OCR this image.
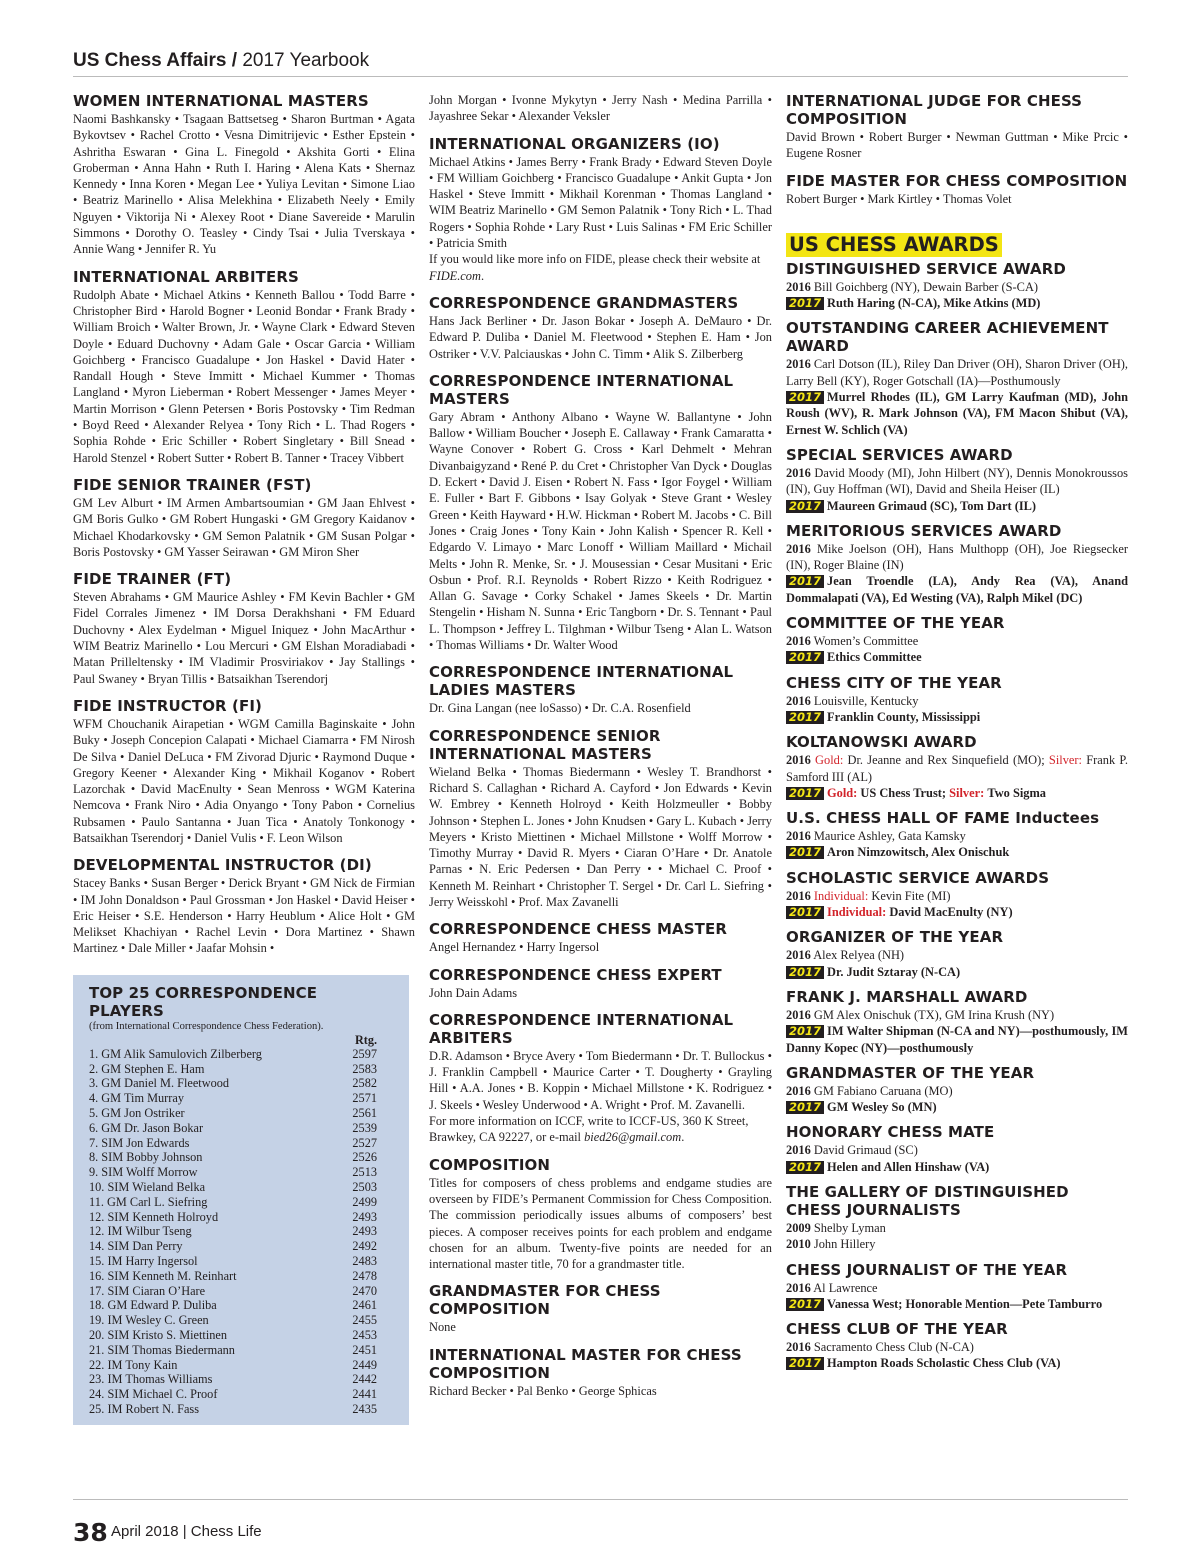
US Chess Affairs / 2017 Yearbook
WOMEN INTERNATIONAL MASTERS

Naomi Bashkansky • Tsagaan Battsetseg • Sharon Burtman • Agata Bykovtsev • Rachel Crotto • Vesna Dimitrijevic • Esther Epstein • Ashritha Eswaran • Gina L. Finegold • Akshita Gorti • Elina Groberman • Anna Hahn • Ruth I. Haring • Alena Kats • Shernaz Kennedy • Inna Koren • Megan Lee • Yuliya Levitan • Simone Liao • Beatriz Marinello • Alisa Melekhina • Elizabeth Neely • Emily Nguyen • Viktorija Ni • Alexey Root • Diane Savereide • Marulin Simmons • Dorothy O. Teasley • Cindy Tsai • Julia Tverskaya • Annie Wang • Jennifer R. Yu

INTERNATIONAL ARBITERS

Rudolph Abate • Michael Atkins • Kenneth Ballou • Todd Barre • Christopher Bird • Harold Bogner • Leonid Bondar • Frank Brady • William Broich • Walter Brown, Jr. • Wayne Clark • Edward Steven Doyle • Eduard Duchovny • Adam Gale • Oscar Garcia • William Goichberg • Francisco Guadalupe • Jon Haskel • David Hater • Randall Hough • Steve Immitt • Michael Kummer • Thomas Langland • Myron Lieberman • Robert Messenger • James Meyer • Martin Morrison • Glenn Petersen • Boris Postovsky • Tim Redman • Boyd Reed • Alexander Relyea • Tony Rich • L. Thad Rogers • Sophia Rohde • Eric Schiller • Robert Singletary • Bill Snead • Harold Stenzel • Robert Sutter • Robert B. Tanner • Tracey Vibbert

FIDE SENIOR TRAINER (FST)

GM Lev Alburt • IM Armen Ambartsoumian • GM Jaan Ehlvest • GM Boris Gulko • GM Robert Hungaski • GM Gregory Kaidanov • Michael Khodarkovsky • GM Semon Palatnik • GM Susan Polgar • Boris Postovsky • GM Yasser Seirawan • GM Miron Sher

FIDE TRAINER (FT)

Steven Abrahams • GM Maurice Ashley • FM Kevin Bachler • GM Fidel Corrales Jimenez • IM Dorsa Derakhshani • FM Eduard Duchovny • Alex Eydelman • Miguel Iniquez • John MacArthur • WIM Beatriz Marinello • Lou Mercuri • GM Elshan Moradiabadi • Matan Prilleltensky • IM Vladimir Prosviriakov • Jay Stallings • Paul Swaney • Bryan Tillis • Batsaikhan Tserendorj

FIDE INSTRUCTOR (FI)

WFM Chouchanik Airapetian • WGM Camilla Baginskaite • John Buky • Joseph Concepion Calapati • Michael Ciamarra • FM Nirosh De Silva • Daniel DeLuca • FM Zivorad Djuric • Raymond Duque • Gregory Keener • Alexander King • Mikhail Koganov • Robert Lazorchak • David MacEnulty • Sean Menross • WGM Katerina Nemcova • Frank Niro • Adia Onyango • Tony Pabon • Cornelius Rubsamen • Paulo Santanna • Juan Tica • Anatoly Tonkonogy • Batsaikhan Tserendorj • Daniel Vulis • F. Leon Wilson

DEVELOPMENTAL INSTRUCTOR (DI)

Stacey Banks • Susan Berger • Derick Bryant • GM Nick de Firmian • IM John Donaldson • Paul Grossman • Jon Haskel • David Heiser • Eric Heiser • S.E. Henderson • Harry Heublum • Alice Holt • GM Melikset Khachiyan • Rachel Levin • Dora Martinez • Shawn Martinez • Dale Miller • Jaafar Mohsin •

TOP 25 CORRESPONDENCE PLAYERS
(from International Correspondence Chess Federation).
Rtg.
1. GM Alik Samulovich Zilberberg	2597
2. GM Stephen E. Ham	2583
3. GM Daniel M. Fleetwood	2582
4. GM Tim Murray	2571
5. GM Jon Ostriker	2561
6. GM Dr. Jason Bokar	2539
7. SIM Jon Edwards	2527
8. SIM Bobby Johnson	2526
9. SIM Wolff Morrow	2513
10. SIM Wieland Belka	2503
11. GM Carl L. Siefring	2499
12. SIM Kenneth Holroyd	2493
12. IM Wilbur Tseng	2493
14. SIM Dan Perry	2492
15. IM Harry Ingersol	2483
16. SIM Kenneth M. Reinhart	2478
17. SIM Ciaran O’Hare	2470
18. GM Edward P. Duliba	2461
19. IM Wesley C. Green	2455
20. SIM Kristo S. Miettinen	2453
21. SIM Thomas Biedermann	2451
22. IM Tony Kain	2449
23. IM Thomas Williams	2442
24. SIM Michael C. Proof	2441
25. IM Robert N. Fass	2435

John Morgan • Ivonne Mykytyn • Jerry Nash • Medina Parrilla • Jayashree Sekar • Alexander Veksler

INTERNATIONAL ORGANIZERS (IO)

Michael Atkins • James Berry • Frank Brady • Edward Steven Doyle • FM William Goichberg • Francisco Guadalupe • Ankit Gupta • Jon Haskel • Steve Immitt • Mikhail Korenman • Thomas Langland • WIM Beatriz Marinello • GM Semon Palatnik • Tony Rich • L. Thad Rogers • Sophia Rohde • Lary Rust • Luis Salinas • FM Eric Schiller • Patricia Smith

If you would like more info on FIDE, please check their website at FIDE.com.

CORRESPONDENCE GRANDMASTERS

Hans Jack Berliner • Dr. Jason Bokar • Joseph A. DeMauro • Dr. Edward P. Duliba • Daniel M. Fleetwood • Stephen E. Ham • Jon Ostriker • V.V. Palciauskas • John C. Timm • Alik S. Zilberberg

CORRESPONDENCE INTERNATIONAL MASTERS

Gary Abram • Anthony Albano • Wayne W. Ballantyne • John Ballow • William Boucher • Joseph E. Callaway • Frank Camaratta • Wayne Conover • Robert G. Cross • Karl Dehmelt • Mehran Divanbaigyzand • René P. du Cret • Christopher Van Dyck • Douglas D. Eckert • David J. Eisen • Robert N. Fass • Igor Foygel • William E. Fuller • Bart F. Gibbons • Isay Golyak • Steve Grant • Wesley Green • Keith Hayward • H.W. Hickman • Robert M. Jacobs • C. Bill Jones • Craig Jones • Tony Kain • John Kalish • Spencer R. Kell • Edgardo V. Limayo • Marc Lonoff • William Maillard • Michail Melts • John R. Menke, Sr. • J. Mousessian • Cesar Musitani • Eric Osbun • Prof. R.I. Reynolds • Robert Rizzo • Keith Rodriguez • Allan G. Savage • Corky Schakel • James Skeels • Dr. Martin Stengelin • Hisham N. Sunna • Eric Tangborn • Dr. S. Tennant • Paul L. Thompson • Jeffrey L. Tilghman • Wilbur Tseng • Alan L. Watson • Thomas Williams • Dr. Walter Wood

CORRESPONDENCE INTERNATIONAL LADIES MASTERS

Dr. Gina Langan (nee loSasso) • Dr. C.A. Rosenfield

CORRESPONDENCE SENIOR INTERNATIONAL MASTERS

Wieland Belka • Thomas Biedermann • Wesley T. Brandhorst • Richard S. Callaghan • Richard A. Cayford • Jon Edwards • Kevin W. Embrey • Kenneth Holroyd • Keith Holzmeuller • Bobby Johnson • Stephen L. Jones • John Knudsen • Gary L. Kubach • Jerry Meyers • Kristo Miettinen • Michael Millstone • Wolff Morrow • Timothy Murray • David R. Myers • Ciaran O’Hare • Dr. Anatole Parnas • N. Eric Pedersen • Dan Perry • • Michael C. Proof • Kenneth M. Reinhart • Christopher T. Sergel • Dr. Carl L. Siefring • Jerry Weisskohl • Prof. Max Zavanelli

CORRESPONDENCE CHESS MASTER

Angel Hernandez • Harry Ingersol

CORRESPONDENCE CHESS EXPERT

John Dain Adams

CORRESPONDENCE INTERNATIONAL ARBITERS

D.R. Adamson • Bryce Avery • Tom Biedermann • Dr. T. Bullockus • J. Franklin Campbell • Maurice Carter • T. Dougherty • Grayling Hill • A.A. Jones • B. Koppin • Michael Millstone • K. Rodriguez • J. Skeels • Wesley Underwood • A. Wright • Prof. M. Zavanelli.

For more information on ICCF, write to ICCF-US, 360 K Street, Brawkey, CA 92227, or e-mail bied26@gmail.com.

COMPOSITION

Titles for composers of chess problems and endgame studies are overseen by FIDE’s Permanent Commission for Chess Composition. The commission periodically issues albums of composers’ best pieces. A composer receives points for each problem and endgame chosen for an album. Twenty-five points are needed for an international master title, 70 for a grandmaster title.

GRANDMASTER FOR CHESS COMPOSITION

None

INTERNATIONAL MASTER FOR CHESS COMPOSITION

Richard Becker • Pal Benko • George Sphicas

INTERNATIONAL JUDGE FOR CHESS COMPOSITION

David Brown • Robert Burger • Newman Guttman • Mike Prcic • Eugene Rosner

FIDE MASTER FOR CHESS COMPOSITION

Robert Burger • Mark Kirtley • Thomas Volet

US CHESS AWARDS
DISTINGUISHED SERVICE AWARD

2016 Bill Goichberg (NY), Dewain Barber (S-CA)

2017 Ruth Haring (N-CA), Mike Atkins (MD)

OUTSTANDING CAREER ACHIEVEMENT AWARD

2016 Carl Dotson (IL), Riley Dan Driver (OH), Sharon Driver (OH), Larry Bell (KY), Roger Gotschall (IA)—Posthumously

2017 Murrel Rhodes (IL), GM Larry Kaufman (MD), John Roush (WV), R. Mark Johnson (VA), FM Macon Shibut (VA), Ernest W. Schlich (VA)

SPECIAL SERVICES AWARD

2016 David Moody (MI), John Hilbert (NY), Dennis Monokroussos (IN), Guy Hoffman (WI), David and Sheila Heiser (IL)

2017 Maureen Grimaud (SC), Tom Dart (IL)

MERITORIOUS SERVICES AWARD

2016 Mike Joelson (OH), Hans Multhopp (OH), Joe Riegsecker (IN), Roger Blaine (IN)

2017 Jean Troendle (LA), Andy Rea (VA), Anand Dommalapati (VA), Ed Westing (VA), Ralph Mikel (DC)

COMMITTEE OF THE YEAR

2016 Women’s Committee

2017 Ethics Committee

CHESS CITY OF THE YEAR

2016 Louisville, Kentucky

2017 Franklin County, Mississippi

KOLTANOWSKI AWARD

2016 Gold: Dr. Jeanne and Rex Sinquefield (MO); Silver: Frank P. Samford III (AL)

2017 Gold: US Chess Trust; Silver: Two Sigma

U.S. CHESS HALL OF FAME Inductees

2016 Maurice Ashley, Gata Kamsky

2017 Aron Nimzowitsch, Alex Onischuk

SCHOLASTIC SERVICE AWARDS

2016 Individual: Kevin Fite (MI)

2017 Individual: David MacEnulty (NY)

ORGANIZER OF THE YEAR

2016 Alex Relyea (NH)

2017 Dr. Judit Sztaray (N-CA)

FRANK J. MARSHALL AWARD

2016 GM Alex Onischuk (TX), GM Irina Krush (NY)

2017 IM Walter Shipman (N-CA and NY)—posthumously, IM Danny Kopec (NY)—posthumously

GRANDMASTER OF THE YEAR

2016 GM Fabiano Caruana (MO)

2017 GM Wesley So (MN)

HONORARY CHESS MATE

2016 David Grimaud (SC)

2017 Helen and Allen Hinshaw (VA)

THE GALLERY OF DISTINGUISHED CHESS JOURNALISTS

2009 Shelby Lyman

2010 John Hillery

CHESS JOURNALIST OF THE YEAR

2016 Al Lawrence

2017 Vanessa West; Honorable Mention—Pete Tamburro

CHESS CLUB OF THE YEAR

2016 Sacramento Chess Club (N-CA)

2017 Hampton Roads Scholastic Chess Club (VA)

38 April 2018 | Chess Life
